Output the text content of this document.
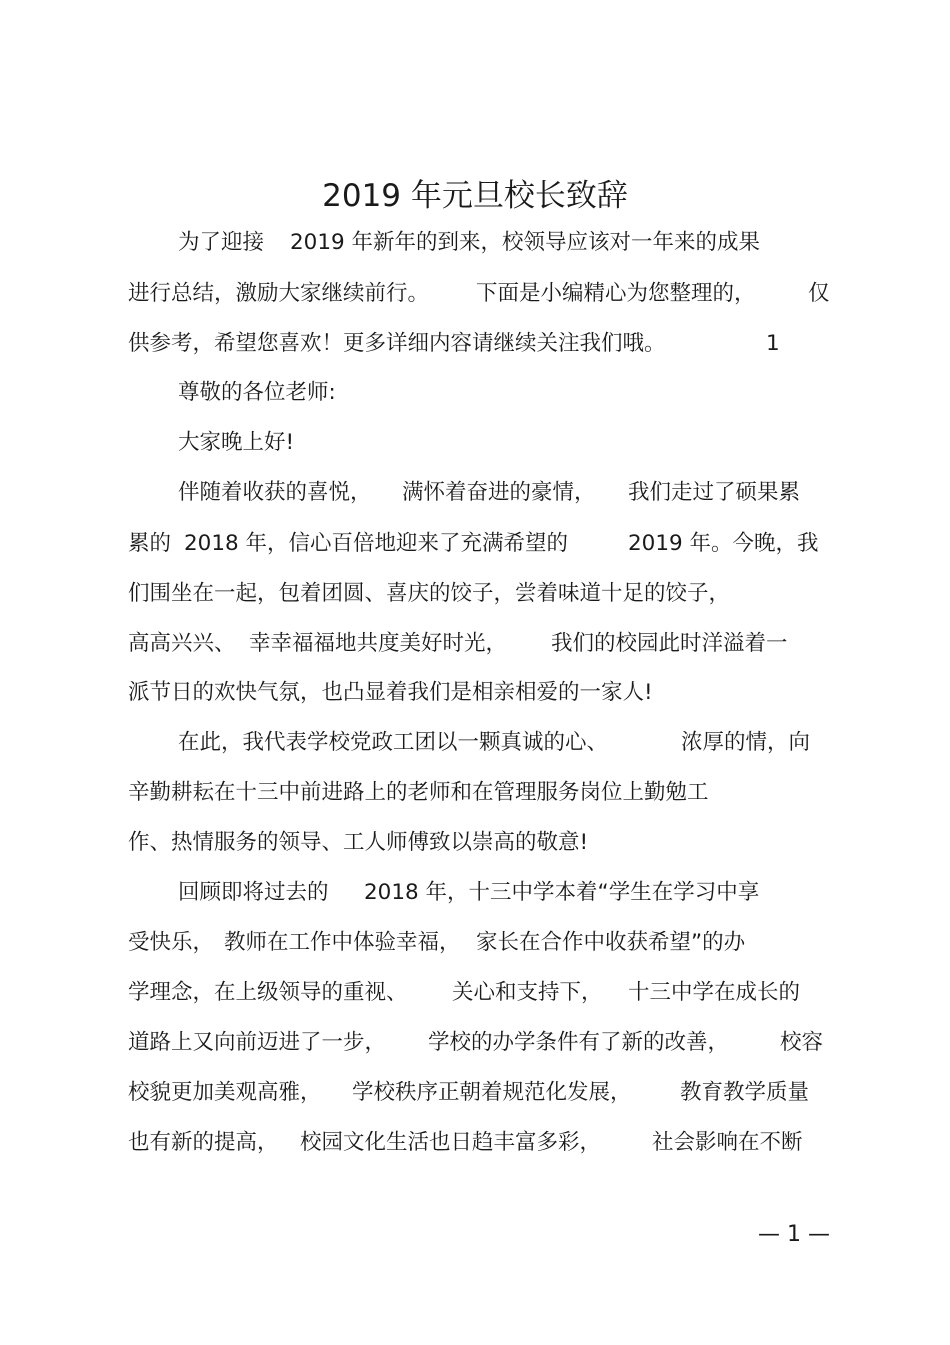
2019 年元旦校长致辞
为了迎接 2019 年新年的到来，校领导应该对一年来的成果
进行总结，激励大家继续前行。 下面是小编精心为您整理的， 仅
供参考，希望您喜欢！更多详细内容请继续关注我们哦。	1
尊敬的各位老师:
大家晚上好!
伴随着收获的喜悦， 满怀着奋进的豪情， 我们走过了硕果累
累的 2018 年，信心百倍地迎来了充满希望的	2019 年。今晚，我
们围坐在一起，包着团圆、喜庆的饺子，尝着味道十足的饺子，
高高兴兴、 幸幸福福地共度美好时光， 我们的校园此时洋溢着一
派节日的欢快气氛，也凸显着我们是相亲相爱的一家人!
在此，我代表学校党政工团以一颗真诚的心、	浓厚的情，向
辛勤耕耘在十三中前进路上的老师和在管理服务岗位上勤勉工
作、热情服务的领导、工人师傅致以崇高的敬意!
回顾即将过去的 2018 年，十三中学本着“学生在学习中享
受快乐， 教师在工作中体验幸福， 家长在合作中收获希望”的办
学理念，在上级领导的重视、 关心和支持下， 十三中学在成长的
道路上又向前迈进了一步， 学校的办学条件有了新的改善， 校容
校貌更加美观高雅， 学校秩序正朝着规范化发展， 教育教学质量
也有新的提高， 校园文化生活也日趋丰富多彩， 社会影响在不断
— 1 —
